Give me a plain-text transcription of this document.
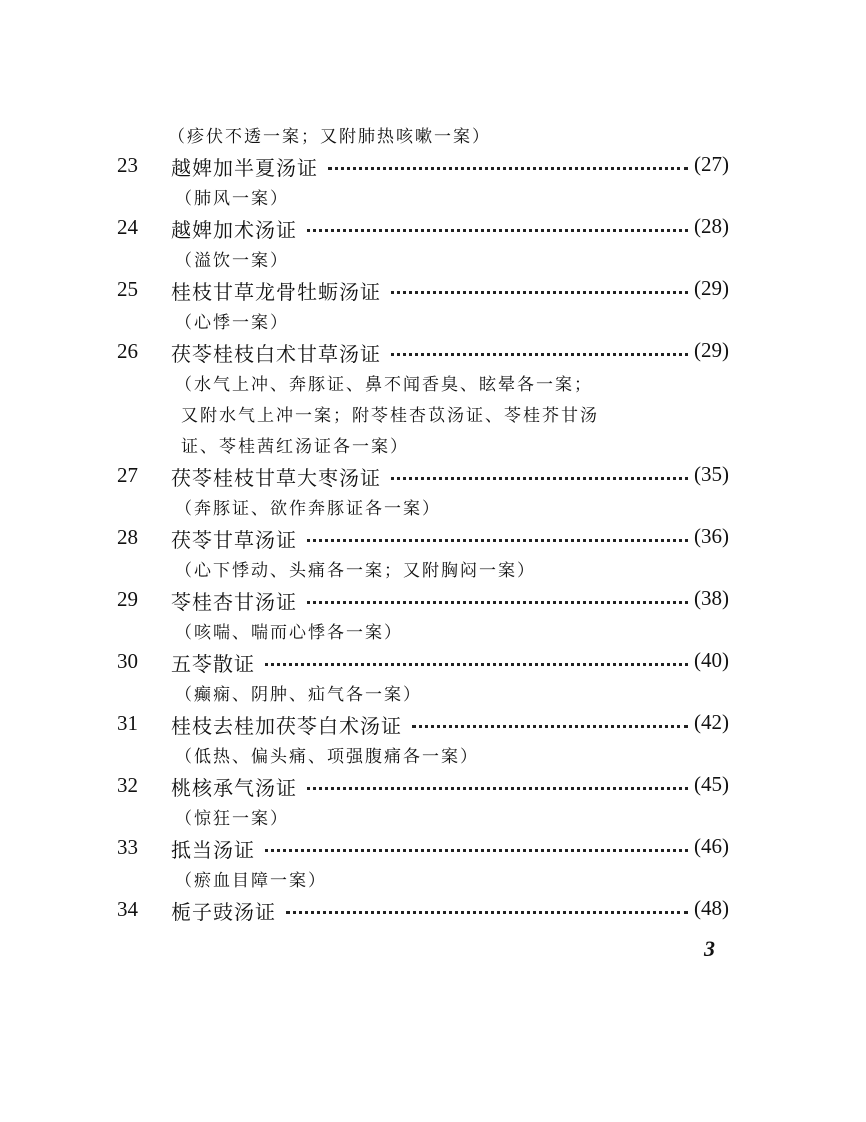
（疹伏不透一案；又附肺热咳嗽一案）
23	越婢加半夏汤证	(27)
（肺风一案）
24	越婢加术汤证	(28)
（溢饮一案）
25	桂枝甘草龙骨牡蛎汤证	(29)
（心悸一案）
26	茯苓桂枝白术甘草汤证	(29)
（水气上冲、奔豚证、鼻不闻香臭、眩晕各一案；
又附水气上冲一案；附苓桂杏苡汤证、苓桂芥甘汤
证、苓桂茜红汤证各一案）
27	茯苓桂枝甘草大枣汤证	(35)
（奔豚证、欲作奔豚证各一案）
28	茯苓甘草汤证	(36)
（心下悸动、头痛各一案；又附胸闷一案）
29	苓桂杏甘汤证	(38)
（咳喘、喘而心悸各一案）
30	五苓散证	(40)
（癫痫、阴肿、疝气各一案）
31	桂枝去桂加茯苓白术汤证	(42)
（低热、偏头痛、项强腹痛各一案）
32	桃核承气汤证	(45)
（惊狂一案）
33	抵当汤证	(46)
（瘀血目障一案）
34	栀子豉汤证	(48)
3
